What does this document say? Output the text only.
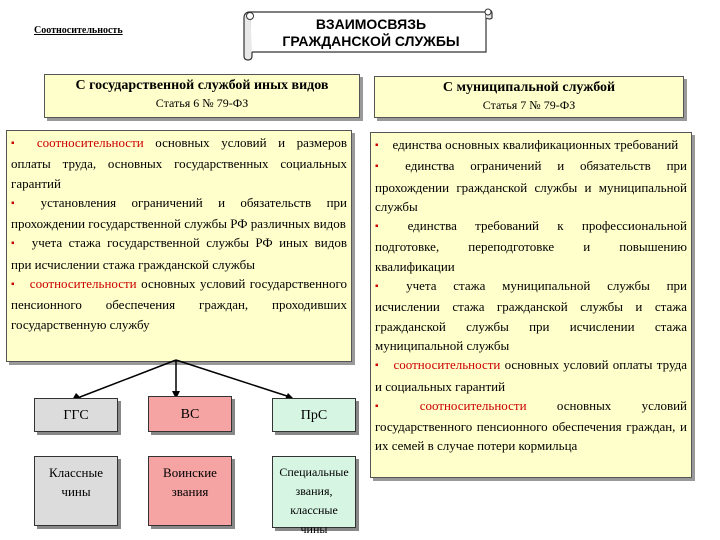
Соотносительность	ВЗАИМОСВЯЗЬ
ГРАЖДАНСКОЙ СЛУЖБЫ
С государственной службой иных видов
Статья 6 № 79-ФЗ
С муниципальной службой
Статья 7 № 79-ФЗ
▪ соотносительности основных условий и размеров оплаты труда, основных государственных социальных гарантий
▪ установления ограничений и обязательств при прохождении государственной службы РФ различных видов
▪ учета стажа государственной службы РФ иных видов при исчислении стажа гражданской службы
▪ соотносительности основных условий государственного пенсионного обеспечения граждан, проходивших государственную службу
▪ единства основных квалификационных требований
▪ единства ограничений и обязательств при прохождении гражданской службы и муниципальной службы
▪ единства требований к профессиональной подготовке, переподготовке и повышению квалификации
▪ учета стажа муниципальной службы при исчислении стажа гражданской службы и стажа гражданской службы при исчислении стажа муниципальной службы
▪ соотносительности основных условий оплаты труда и социальных гарантий
▪ соотносительности основных условий государственного пенсионного обеспечения граждан, и их семей в случае потери кормильца
ГГС
Классные чины
ВС
Воинские звания
ПрС
Специальные звания, классные чины
